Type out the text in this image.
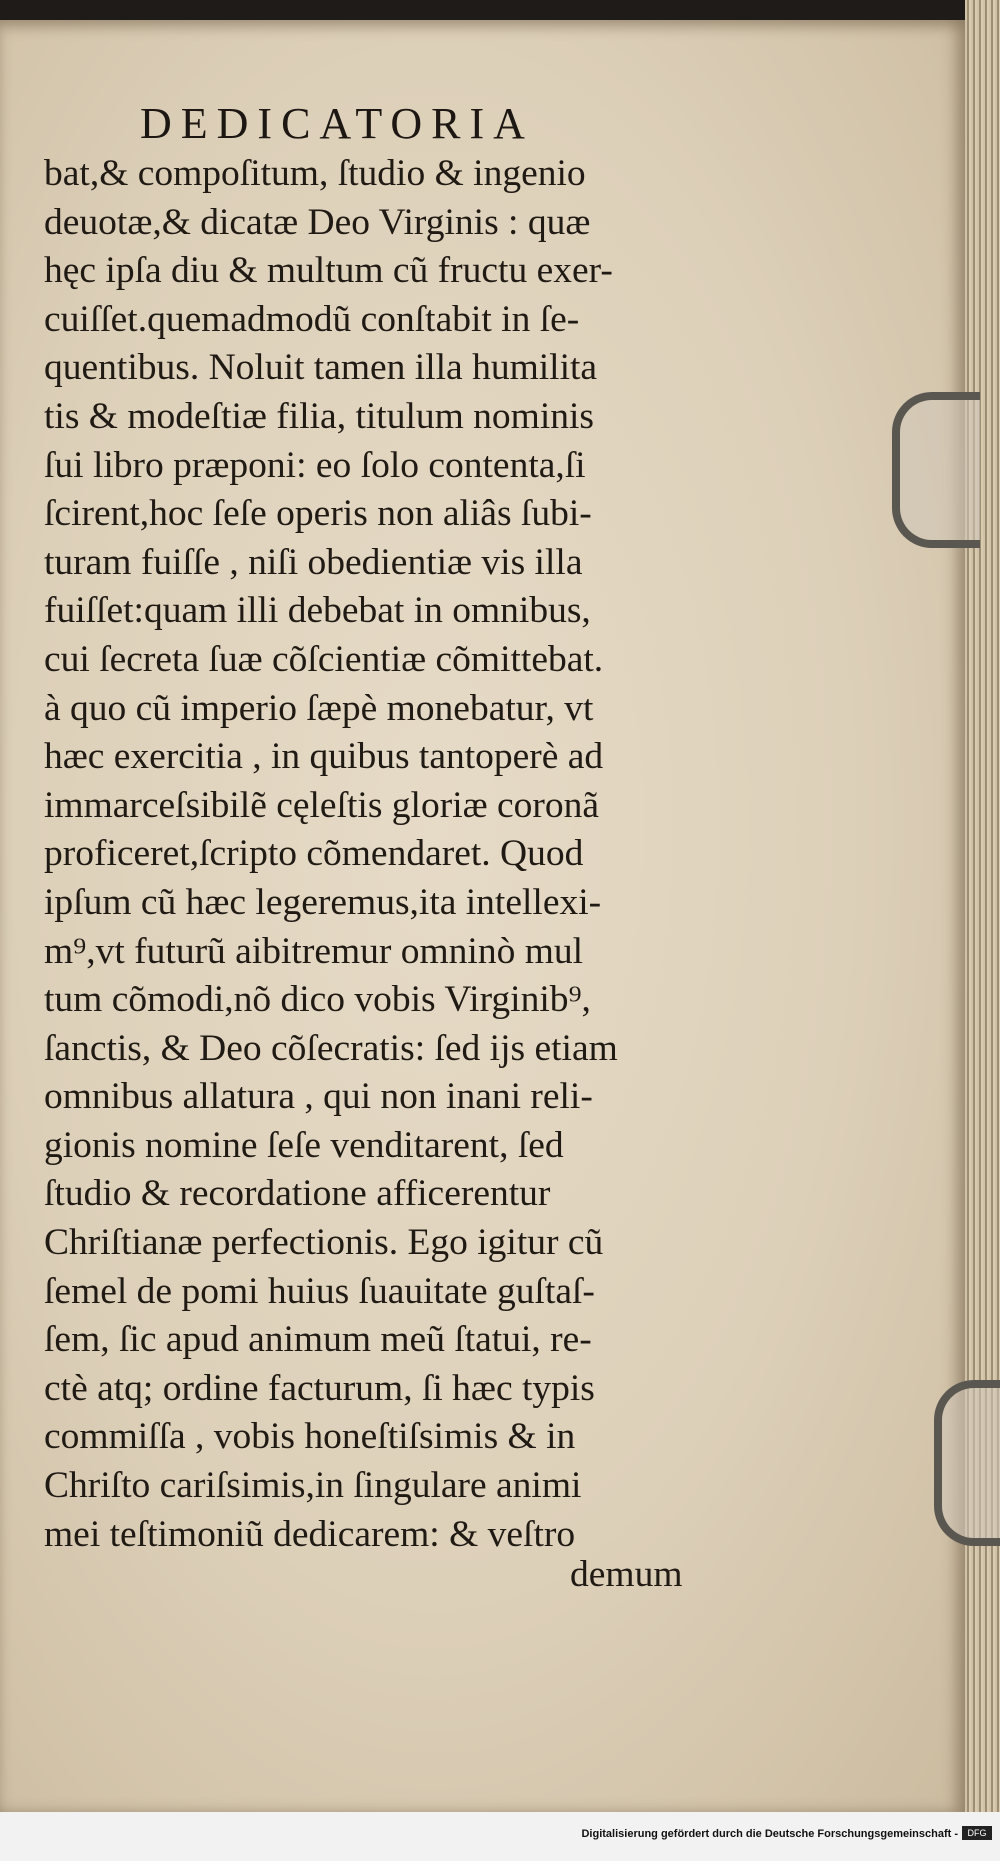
DEDICATORIA
bat,& compoſitum, ſtudio & ingenio
deuotæ,& dicatæ Deo Virginis : quæ
hęc ipſa diu & multum cũ fructu exer-
cuiſſet.quemadmodũ conſtabit in ſe-
quentibus. Noluit tamen illa humilita
tis & modeſtiæ filia, titulum nominis
ſui libro præponi: eo ſolo contenta,ſi
ſcirent,hoc ſeſe operis non aliâs ſubi-
turam fuiſſe , niſi obedientiæ vis illa
fuiſſet:quam illi debebat in omnibus,
cui ſecreta ſuæ cõſcientiæ cõmittebat.
à quo cũ imperio ſæpè monebatur, vt
hæc exercitia , in quibus tantoperè ad
immarceſsibilẽ cęleſtis gloriæ coronã
proficeret,ſcripto cõmendaret. Quod
ipſum cũ hæc legeremus,ita intellexi-
m⁹,vt futurũ aibitremur omninò mul
tum cõmodi,nõ dico vobis Virginib⁹,
ſanctis, & Deo cõſecratis: ſed ijs etiam
omnibus allatura , qui non inani reli-
gionis nomine ſeſe venditarent, ſed
ſtudio & recordatione afficerentur
Chriſtianæ perfectionis. Ego igitur cũ
ſemel de pomi huius ſuauitate guſtaſ-
ſem, ſic apud animum meũ ſtatui, re-
ctè atq; ordine facturum, ſi hæc typis
commiſſa , vobis honeſtiſsimis & in
Chriſto cariſsimis,in ſingulare animi
mei teſtimoniũ dedicarem: & veſtro
demum
Digitalisierung gefördert durch die Deutsche Forschungsgemeinschaft -	DFG
